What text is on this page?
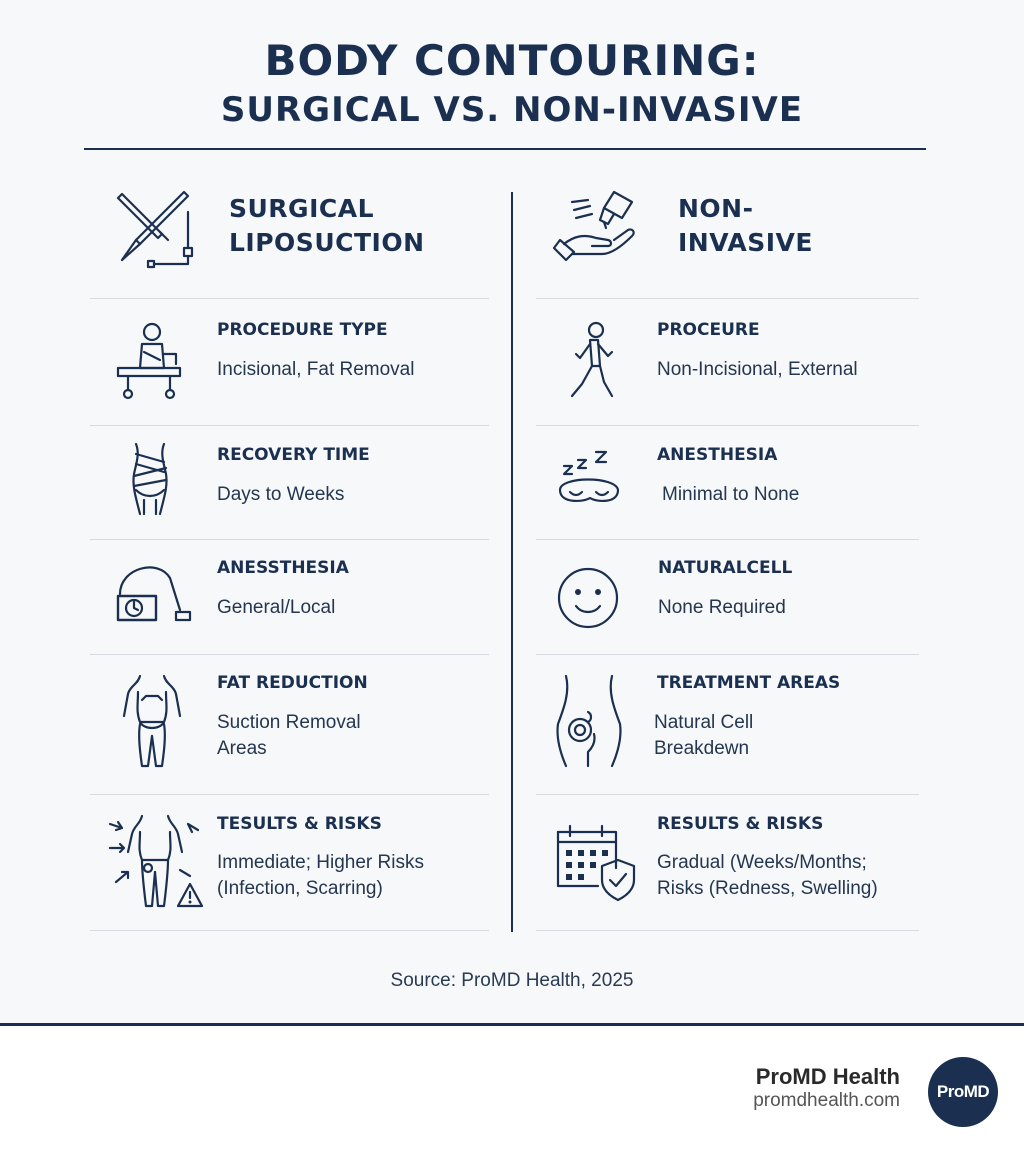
BODY CONTOURING:
SURGICAL VS. NON-INVASIVE
SURGICAL
LIPOSUCTION
NON-
INVASIVE
PROCEDURE TYPE
Incisional, Fat Removal
RECOVERY TIME
Days to Weeks
ANESSTHESIA
General/Local
FAT REDUCTION
Suction Removal
Areas
TESULTS & RISKS
Immediate; Higher Risks
(Infection, Scarring)
PROCEURE
Non-Incisional, External
ANESTHESIA
Minimal to None
NATURALCELL
None Required
TREATMENT AREAS
Natural Cell
Breakdewn
RESULTS & RISKS
Gradual (Weeks/Months;
Risks (Redness, Swelling)
Source: ProMD Health, 2025
ProMD Health
promdhealth.com	ProMD
